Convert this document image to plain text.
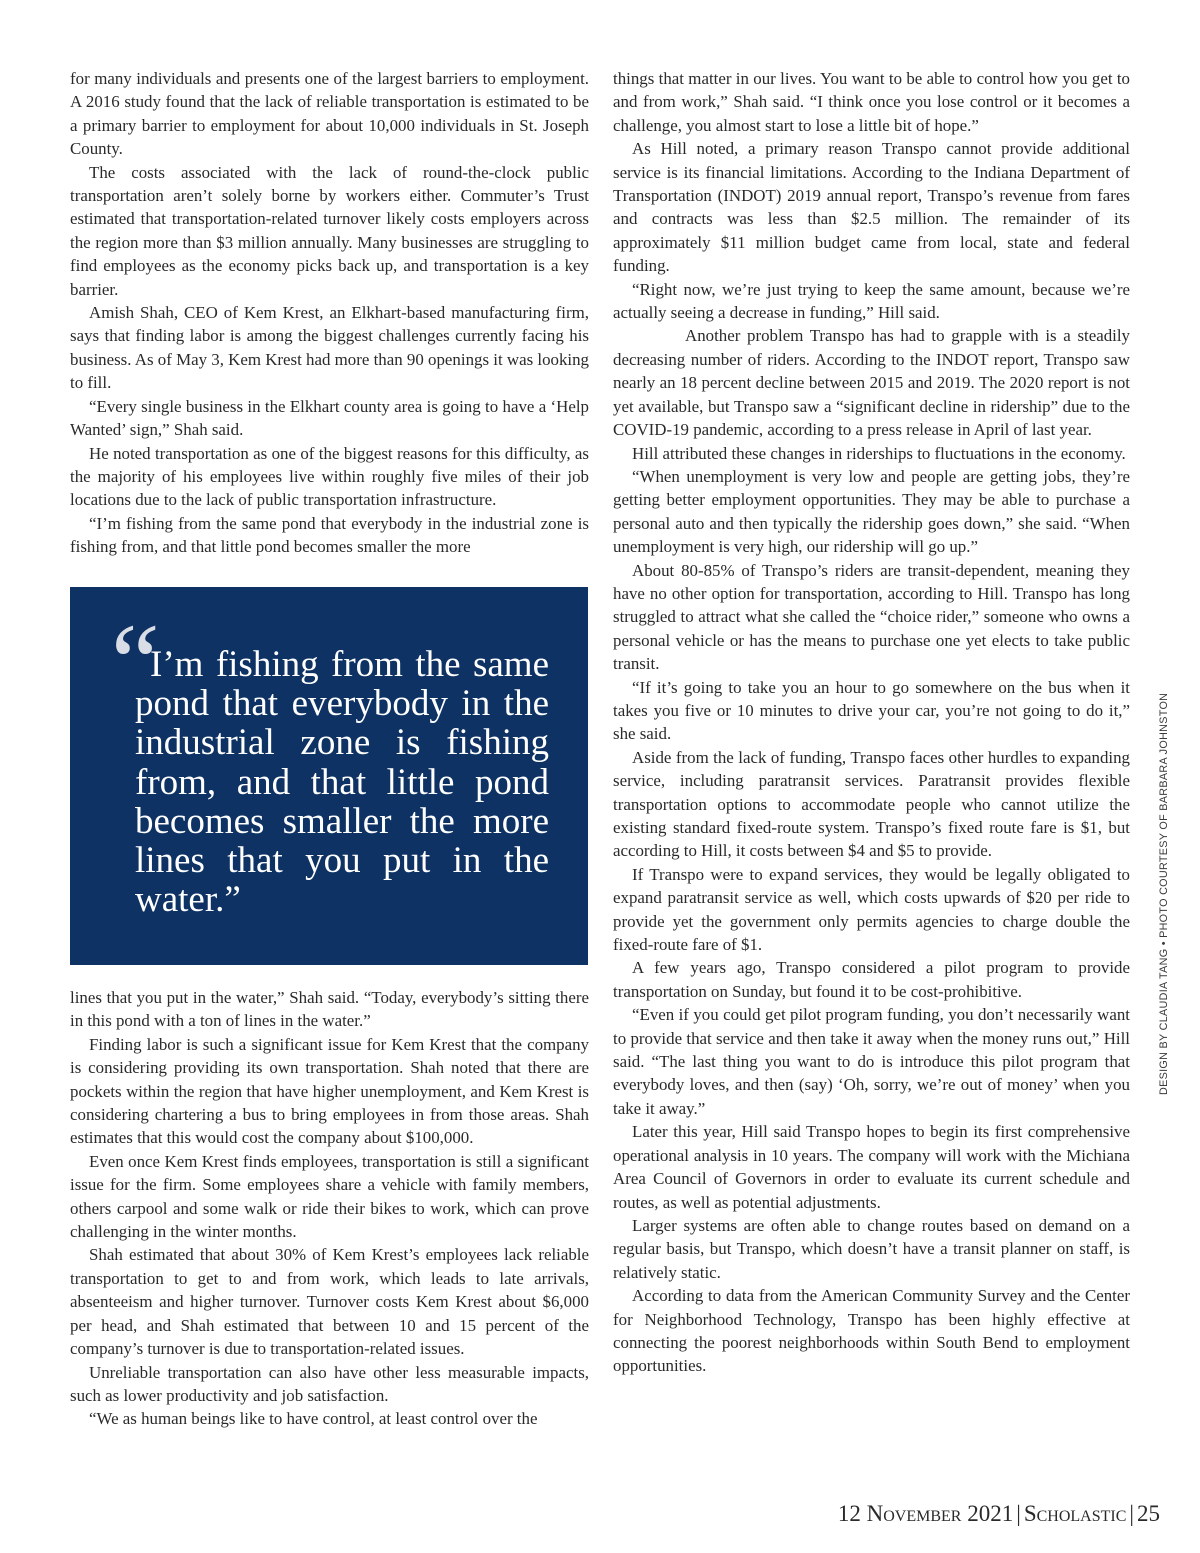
for many individuals and presents one of the largest barriers to employment. A 2016 study found that the lack of reliable transportation is estimated to be a primary barrier to employment for about 10,000 individuals in St. Joseph County.

The costs associated with the lack of round-the-clock public transportation aren’t solely borne by workers either. Commuter’s Trust estimated that transportation-related turnover likely costs employers across the region more than $3 million annually. Many businesses are struggling to find employees as the economy picks back up, and transportation is a key barrier.

Amish Shah, CEO of Kem Krest, an Elkhart-based manufacturing firm, says that finding labor is among the biggest challenges currently facing his business. As of May 3, Kem Krest had more than 90 openings it was looking to fill.

“Every single business in the Elkhart county area is going to have a ‘Help Wanted’ sign,” Shah said.

He noted transportation as one of the biggest reasons for this difficulty, as the majority of his employees live within roughly five miles of their job locations due to the lack of public transportation infrastructure.

“I’m fishing from the same pond that everybody in the industrial zone is fishing from, and that little pond becomes smaller the more

“
I’m fishing from the same pond that everybody in the industrial zone is fishing from, and that little pond becomes smaller the more lines that you put in the water.”

lines that you put in the water,” Shah said. “Today, everybody’s sitting there in this pond with a ton of lines in the water.”

Finding labor is such a significant issue for Kem Krest that the company is considering providing its own transportation. Shah noted that there are pockets within the region that have higher unemployment, and Kem Krest is considering chartering a bus to bring employees in from those areas. Shah estimates that this would cost the company about $100,000.

Even once Kem Krest finds employees, transportation is still a significant issue for the firm. Some employees share a vehicle with family members, others carpool and some walk or ride their bikes to work, which can prove challenging in the winter months.

Shah estimated that about 30% of Kem Krest’s employees lack reliable transportation to get to and from work, which leads to late arrivals, absenteeism and higher turnover. Turnover costs Kem Krest about $6,000 per head, and Shah estimated that between 10 and 15 percent of the company’s turnover is due to transportation-related issues.

Unreliable transportation can also have other less measurable impacts, such as lower productivity and job satisfaction.

“We as human beings like to have control, at least control over the

things that matter in our lives. You want to be able to control how you get to and from work,” Shah said. “I think once you lose control or it becomes a challenge, you almost start to lose a little bit of hope.”

As Hill noted, a primary reason Transpo cannot provide additional service is its financial limitations. According to the Indiana Department of Transportation (INDOT) 2019 annual report, Transpo’s revenue from fares and contracts was less than $2.5 million. The remainder of its approximately $11 million budget came from local, state and federal funding.

“Right now, we’re just trying to keep the same amount, because we’re actually seeing a decrease in funding,” Hill said.

Another problem Transpo has had to grapple with is a steadily decreasing number of riders. According to the INDOT report, Transpo saw nearly an 18 percent decline between 2015 and 2019. The 2020 report is not yet available, but Transpo saw a “significant decline in ridership” due to the COVID-19 pandemic, according to a press release in April of last year.

Hill attributed these changes in riderships to fluctuations in the economy.

“When unemployment is very low and people are getting jobs, they’re getting better employment opportunities. They may be able to purchase a personal auto and then typically the ridership goes down,” she said. “When unemployment is very high, our ridership will go up.”

About 80-85% of Transpo’s riders are transit-dependent, meaning they have no other option for transportation, according to Hill. Transpo has long struggled to attract what she called the “choice rider,” someone who owns a personal vehicle or has the means to purchase one yet elects to take public transit.

“If it’s going to take you an hour to go somewhere on the bus when it takes you five or 10 minutes to drive your car, you’re not going to do it,” she said.

Aside from the lack of funding, Transpo faces other hurdles to expanding service, including paratransit services. Paratransit provides flexible transportation options to accommodate people who cannot utilize the existing standard fixed-route system. Transpo’s fixed route fare is $1, but according to Hill, it costs between $4 and $5 to provide.

If Transpo were to expand services, they would be legally obligated to expand paratransit service as well, which costs upwards of $20 per ride to provide yet the government only permits agencies to charge double the fixed-route fare of $1.

A few years ago, Transpo considered a pilot program to provide transportation on Sunday, but found it to be cost-prohibitive.

“Even if you could get pilot program funding, you don’t necessarily want to provide that service and then take it away when the money runs out,” Hill said. “The last thing you want to do is introduce this pilot program that everybody loves, and then (say) ‘Oh, sorry, we’re out of money’ when you take it away.”

Later this year, Hill said Transpo hopes to begin its first comprehensive operational analysis in 10 years. The company will work with the Michiana Area Council of Governors in order to evaluate its current schedule and routes, as well as potential adjustments.

Larger systems are often able to change routes based on demand on a regular basis, but Transpo, which doesn’t have a transit planner on staff, is relatively static.

According to data from the American Community Survey and the Center for Neighborhood Technology, Transpo has been highly effective at connecting the poorest neighborhoods within South Bend to employment opportunities.

DESIGN BY CLAUDIA TANG • PHOTO COURTESY OF BARBARA JOHNSTON
12 November 2021 | Scholastic | 25
